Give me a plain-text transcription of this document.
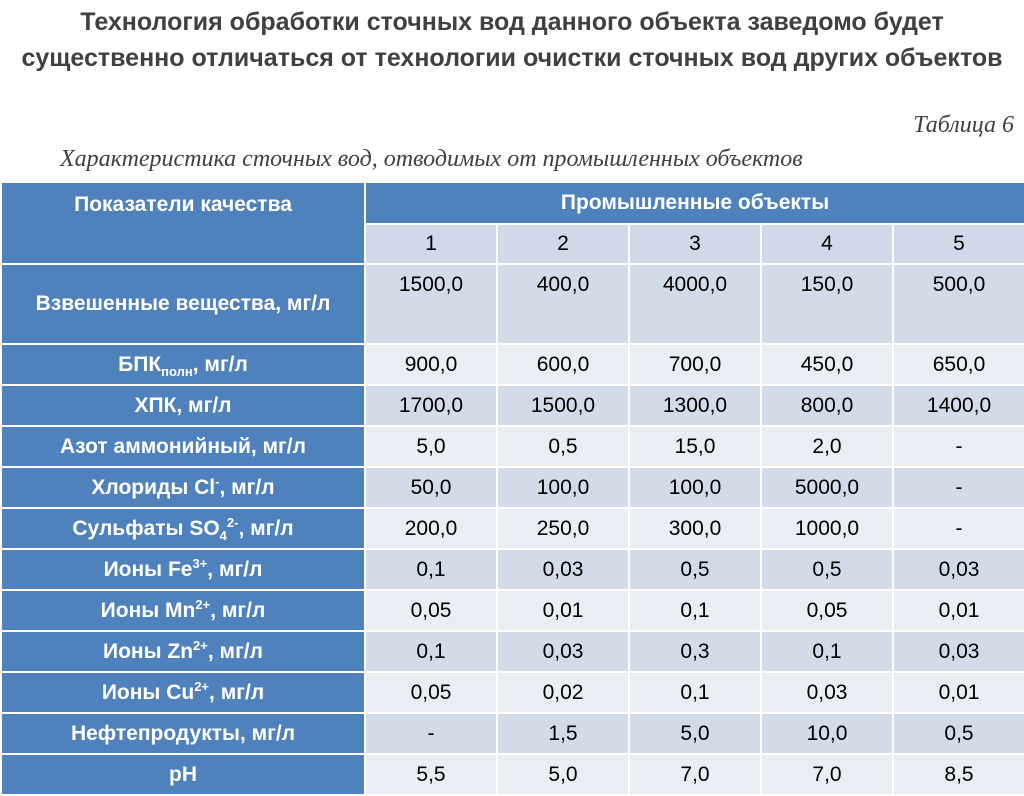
Технология обработки сточных вод данного объекта заведомо будет существенно отличаться от технологии очистки сточных вод других объектов

Таблица 6

Характеристика сточных вод, отводимых от промышленных объектов

Показатели качества	Промышленные объекты				
	1	2	3	4	5
Взвешенные вещества, мг/л	1500,0	400,0	4000,0	150,0	500,0
$БПК_{полн}$, мг/л	900,0	600,0	700,0	450,0	650,0
ХПК, мг/л	1700,0	1500,0	1300,0	800,0	1400,0
Азот аммонийный, мг/л	5,0	0,5	15,0	2,0	-
Хлориды Cl-, мг/л	50,0	100,0	100,0	5000,0	-
Сульфаты $SO_4^{2-}$, мг/л	200,0	250,0	300,0	1000,0	-
Ионы $Fe^{3+}$, мг/л	0,1	0,03	0,5	0,5	0,03
Ионы $Mn^{2+}$, мг/л	0,05	0,01	0,1	0,05	0,01
Ионы $Zn^{2+}$, мг/л	0,1	0,03	0,3	0,1	0,03
Ионы $Cu^{2+}$, мг/л	0,05	0,02	0,1	0,03	0,01
Нефтепродукты, мг/л	-	1,5	5,0	10,0	0,5
pH	5,5	5,0	7,0	7,0	8,5
